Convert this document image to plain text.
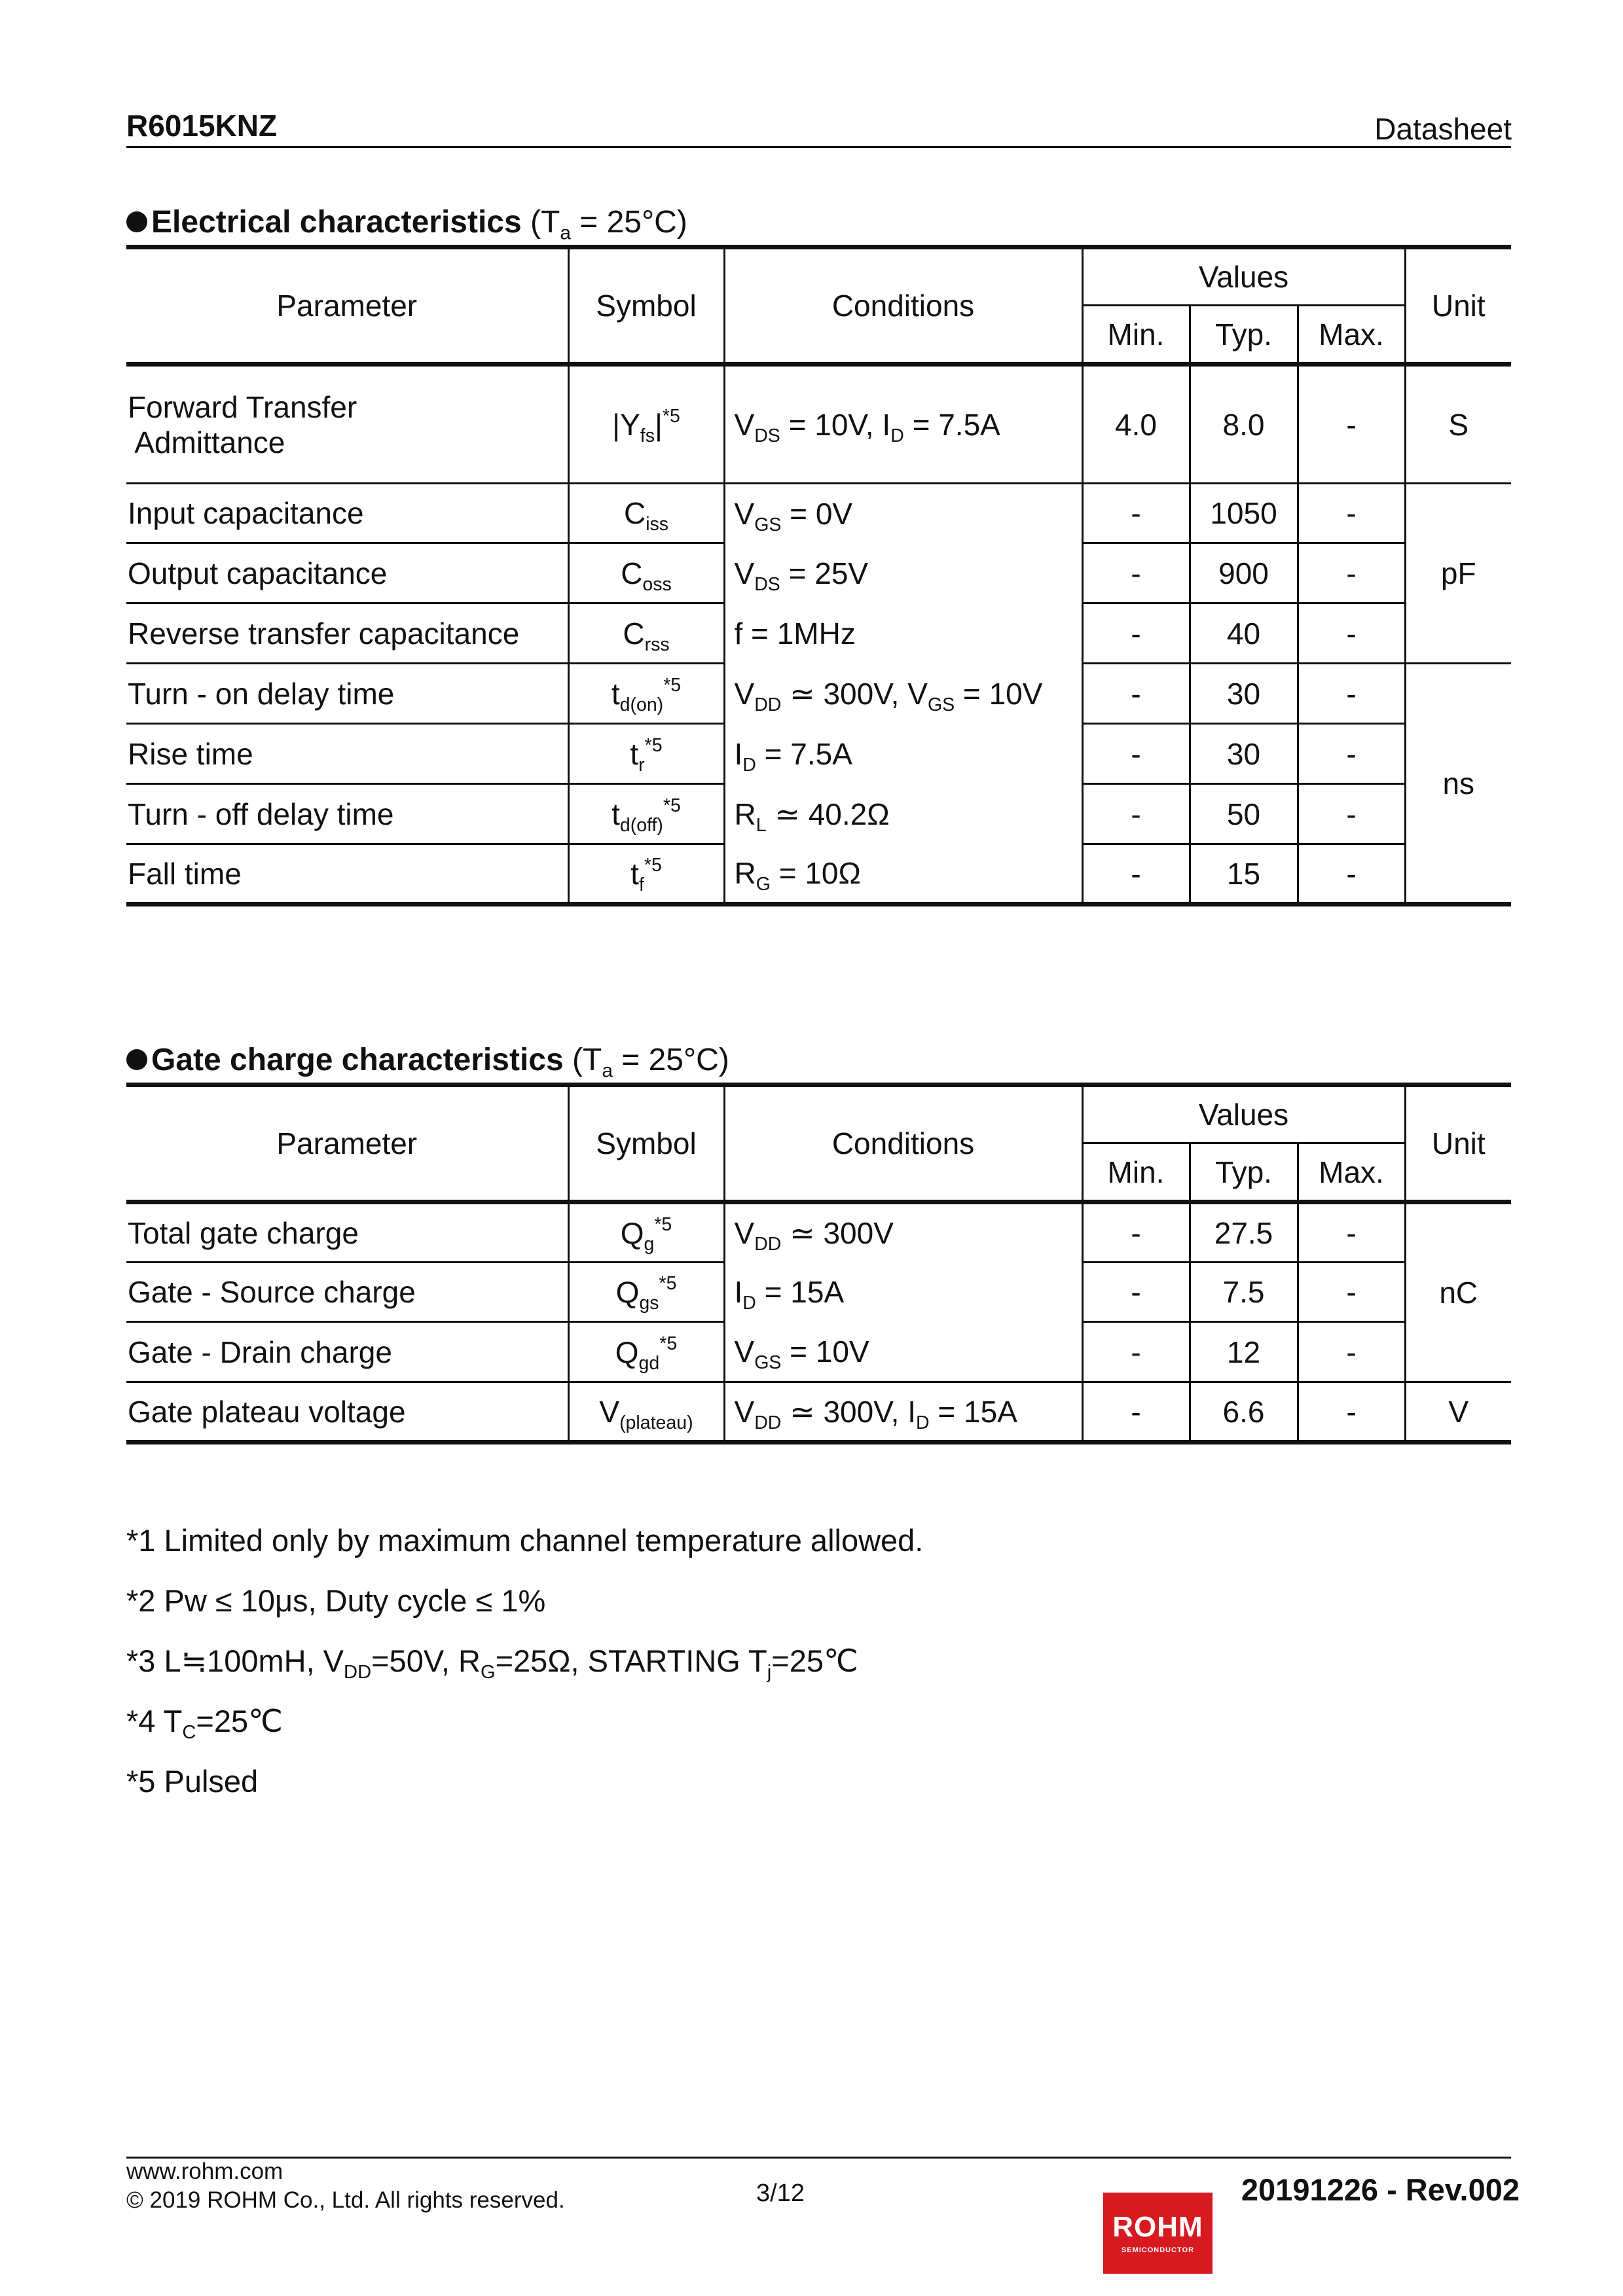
R6015KNZ	Datasheet
Electrical characteristics $(T_a = 25^\circ C)$
Parameter	Symbol	Conditions	Values			Unit
			Min.	Typ.	Max.	
Forward Transfer
Admittance	$|Y_{fs}|^{*5}$	$V_{DS} = 10V$, $I_D = 7.5A$	4.0	8.0	-	S
Input capacitance	$C_{iss}$	$V_{GS} = 0V$	-	1050	-	pF
Output capacitance	$C_{oss}$	$V_{DS} = 25V$	-	900	-	
Reverse transfer capacitance	$C_{rss}$	f = 1MHz	-	40	-	
Turn - on delay time	$t_{d(on)}^{*5}$	$V_{DD}$ ≃ 300V, $V_{GS} = 10V$	-	30	-	ns
Rise time	$t_r^{*5}$	$I_D = 7.5A$	-	30	-	
Turn - off delay time	$t_{d(off)}^{*5}$	$R_L$ ≃ 40.2Ω	-	50	-	
Fall time	$t_f^{*5}$	$R_G = 10\Omega$	-	15	-	
Gate charge characteristics $(T_a = 25^\circ C)$
Parameter	Symbol	Conditions	Values			Unit
			Min.	Typ.	Max.	
Total gate charge	$Q_g^{*5}$	$V_{DD}$ ≃ 300V	-	27.5	-	nC
Gate - Source charge	$Q_{gs}^{*5}$	$I_D = 15A$	-	7.5	-	
Gate - Drain charge	$Q_{gd}^{*5}$	$V_{GS} = 10V$	-	12	-	
Gate plateau voltage	$V_{(plateau)}$	$V_{DD}$ ≃ 300V, $I_D = 15A$	-	6.6	-	V
*1 Limited only by maximum channel temperature allowed.
*2 Pw ≤ 10μs, Duty cycle ≤ 1%
*3 L≒100mH, $V_{DD}=50V$, $R_G=25\Omega$, STARTING $T_j=25℃$
*4 $T_C=25℃$
*5 Pulsed
www.rohm.com
© 2019 ROHM Co., Ltd. All rights reserved.	3/12	20191226 - Rev.002
ROHM
SEMICONDUCTOR
